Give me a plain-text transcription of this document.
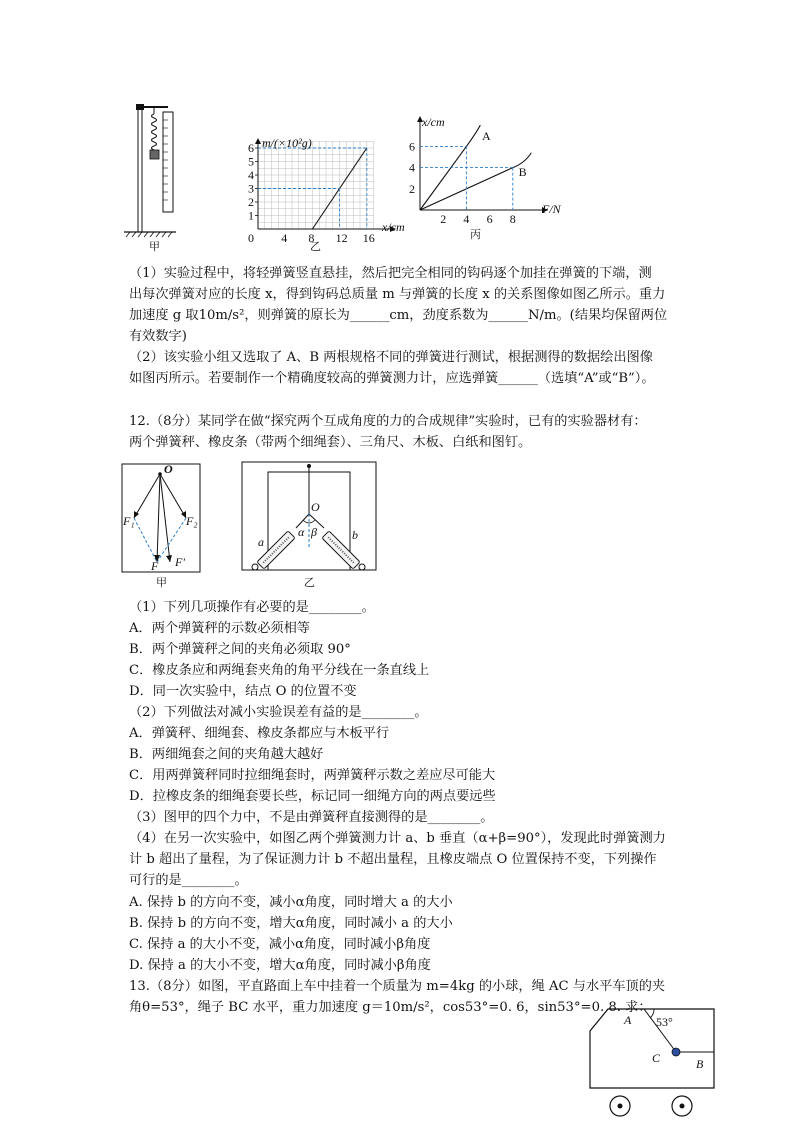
甲
0 4 8 12 16
1
2
3
4
5
6 m/(×10²g)
x/cm
乙
2 4 6 8
2
4
6
A
B
x/cm
F/N
丙
（1）实验过程中，将轻弹簧竖直悬挂，然后把完全相同的钩码逐个加挂在弹簧的下端，测
出每次弹簧对应的长度 x，得到钩码总质量 m 与弹簧的长度 x 的关系图像如图乙所示。重力
加速度 g 取10m/s²，则弹簧的原长为______cm，劲度系数为______N/m。(结果均保留两位
有效数字)
（2）该实验小组又选取了 A、B 两根规格不同的弹簧进行测试，根据测得的数据绘出图像
如图丙所示。若要制作一个精确度较高的弹簧测力计，应选弹簧______（选填“A”或“B”）。
12.（8分）某同学在做“探究两个互成角度的力的合成规律”实验时，已有的实验器材有：
两个弹簧秤、橡皮条（带两个细绳套）、三角尺、木板、白纸和图钉。
O
F₁	F₂
F F'
甲
O
α β
a	b
乙
（1）下列几项操作有必要的是________。
A．两个弹簧秤的示数必须相等
B．两个弹簧秤之间的夹角必须取 90°
C．橡皮条应和两绳套夹角的角平分线在一条直线上
D．同一次实验中，结点 O 的位置不变
（2）下列做法对减小实验误差有益的是________。
A．弹簧秤、细绳套、橡皮条都应与木板平行
B．两细绳套之间的夹角越大越好
C．用两弹簧秤同时拉细绳套时，两弹簧秤示数之差应尽可能大
D．拉橡皮条的细绳套要长些，标记同一细绳方向的两点要远些
（3）图甲的四个力中，不是由弹簧秤直接测得的是________。
（4）在另一次实验中，如图乙两个弹簧测力计 a、b 垂直（α+β=90°），发现此时弹簧测力
计 b 超出了量程，为了保证测力计 b 不超出量程，且橡皮端点 O 位置保持不变，下列操作
可行的是________。
A. 保持 b 的方向不变，减小α角度，同时增大 a 的大小
B. 保持 b 的方向不变，增大α角度，同时减小 a 的大小
C. 保持 a 的大小不变，减小α角度，同时减小β角度
D. 保持 a 的大小不变，增大α角度，同时减小β角度
13.（8分）如图，平直路面上车中挂着一个质量为 m=4kg 的小球，绳 AC 与水平车顶的夹
角θ=53°，绳子 BC 水平，重力加速度 g＝10m/s²，cos53°=0. 6，sin53°=0. 8. 求：
A 53°
C	B
